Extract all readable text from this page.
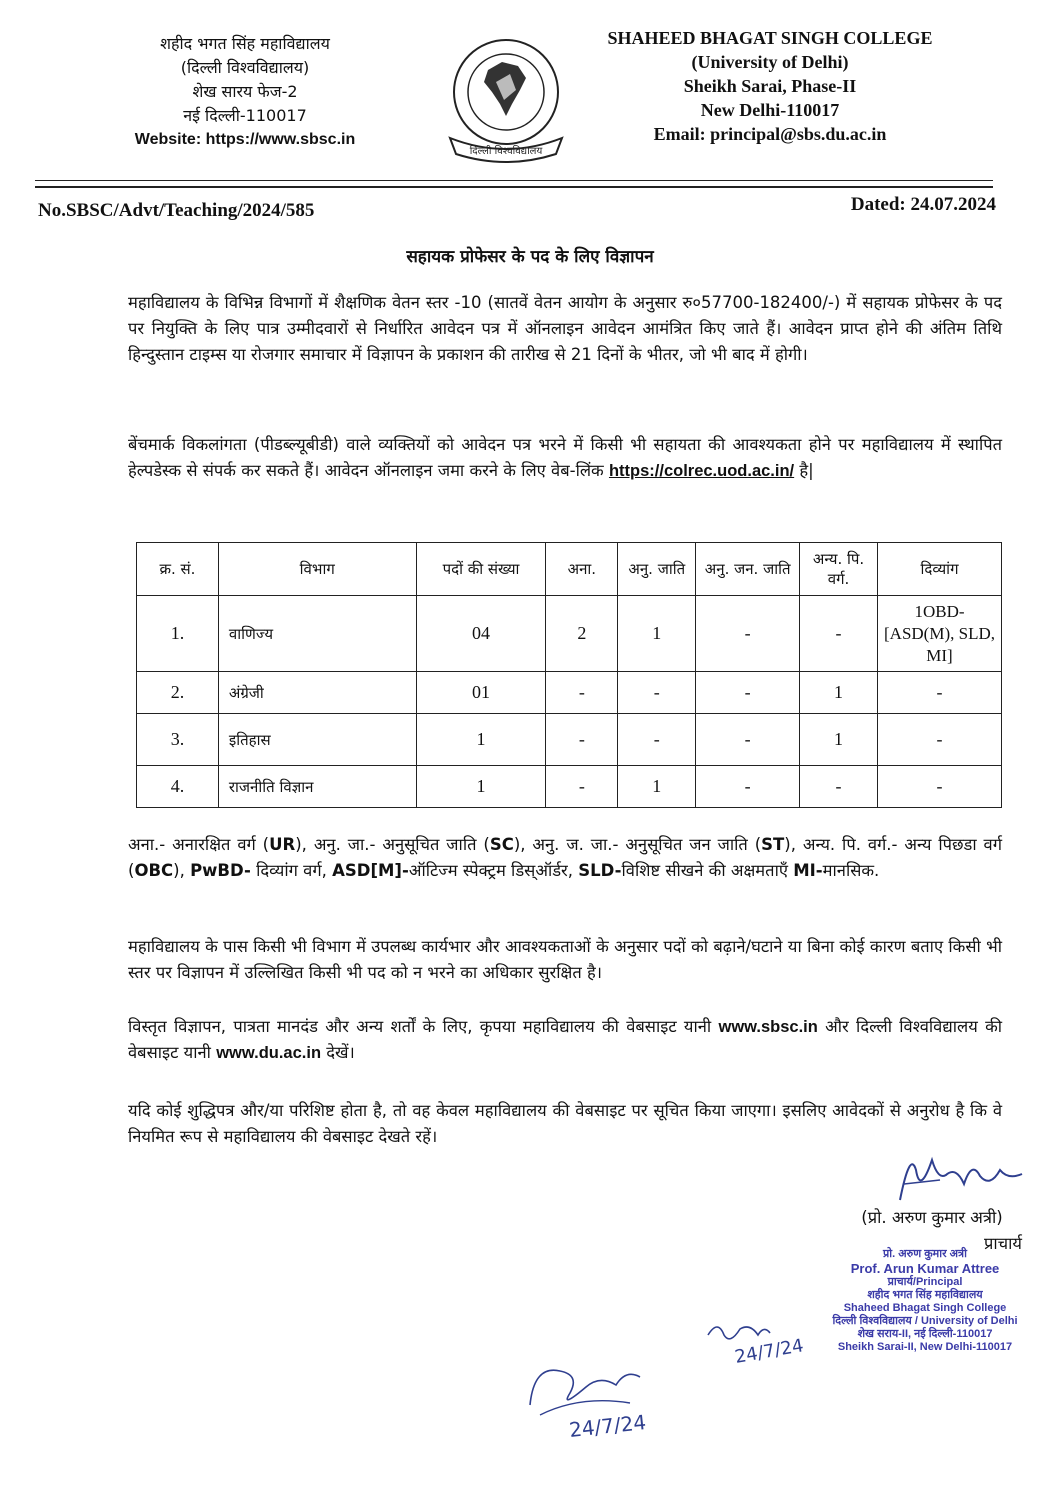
शहीद भगत सिंह महाविद्यालय
(दिल्ली विश्वविद्यालय)
शेख सारय फेज-2
नई दिल्ली-110017
Website: https://www.sbsc.in
दिल्ली विश्वविद्यालय
SHAHEED BHAGAT SINGH COLLEGE
(University of Delhi)
Sheikh Sarai, Phase-II
New Delhi-110017
Email: principal@sbs.du.ac.in
No.SBSC/Advt/Teaching/2024/585	Dated: 24.07.2024
सहायक प्रोफेसर के पद के लिए विज्ञापन
महाविद्यालय के विभिन्न विभागों में शैक्षणिक वेतन स्तर -10 (सातवें वेतन आयोग के अनुसार रु०57700-182400/-) में सहायक प्रोफेसर के पद पर नियुक्ति के लिए पात्र उम्मीदवारों से निर्धारित आवेदन पत्र में ऑनलाइन आवेदन आमंत्रित किए जाते हैं। आवेदन प्राप्त होने की अंतिम तिथि हिन्दुस्तान टाइम्स या रोजगार समाचार में विज्ञापन के प्रकाशन की तारीख से 21 दिनों के भीतर, जो भी बाद में होगी।
बेंचमार्क विकलांगता (पीडब्ल्यूबीडी) वाले व्यक्तियों को आवेदन पत्र भरने में किसी भी सहायता की आवश्यकता होने पर महाविद्यालय में स्थापित हेल्पडेस्क से संपर्क कर सकते हैं। आवेदन ऑनलाइन जमा करने के लिए वेब-लिंक https://colrec.uod.ac.in/ है|
क्र. सं.	विभाग	पदों की संख्या	अना.	अनु. जाति	अनु. जन. जाति	अन्य. पि. वर्ग.	दिव्यांग
1.	वाणिज्य	04	2	1	-	-	1OBD-[ASD(M), SLD, MI]
2.	अंग्रेजी	01	-	-	-	1	-
3.	इतिहास	1	-	-	-	1	-
4.	राजनीति विज्ञान	1	-	1	-	-	-
अना.- अनारक्षित वर्ग (UR), अनु. जा.- अनुसूचित जाति (SC), अनु. ज. जा.- अनुसूचित जन जाति (ST), अन्य. पि. वर्ग.- अन्य पिछडा वर्ग (OBC), PwBD- दिव्यांग वर्ग, ASD[M]-ऑटिज्म स्पेक्ट्रम डिस्ऑर्डर, SLD-विशिष्ट सीखने की अक्षमताएँ MI-मानसिक.
महाविद्यालय के पास किसी भी विभाग में उपलब्ध कार्यभार और आवश्यकताओं के अनुसार पदों को बढ़ाने/घटाने या बिना कोई कारण बताए किसी भी स्तर पर विज्ञापन में उल्लिखित किसी भी पद को न भरने का अधिकार सुरक्षित है।
विस्तृत विज्ञापन, पात्रता मानदंड और अन्य शर्तों के लिए, कृपया महाविद्यालय की वेबसाइट यानी www.sbsc.in और दिल्ली विश्वविद्यालय की वेबसाइट यानी www.du.ac.in देखें।
यदि कोई शुद्धिपत्र और/या परिशिष्ट होता है, तो वह केवल महाविद्यालय की वेबसाइट पर सूचित किया जाएगा। इसलिए आवेदकों से अनुरोध है कि वे नियमित रूप से महाविद्यालय की वेबसाइट देखते रहें।
(प्रो. अरुण कुमार अत्री)
प्राचार्य
प्रो. अरुण कुमार अत्री
Prof. Arun Kumar Attree
प्राचार्य/Principal
शहीद भगत सिंह महाविद्यालय
Shaheed Bhagat Singh College
दिल्ली विश्वविद्यालय / University of Delhi
शेख सराय-II, नई दिल्ली-110017
Sheikh Sarai-II, New Delhi-110017
24/7/24
24/7/24
